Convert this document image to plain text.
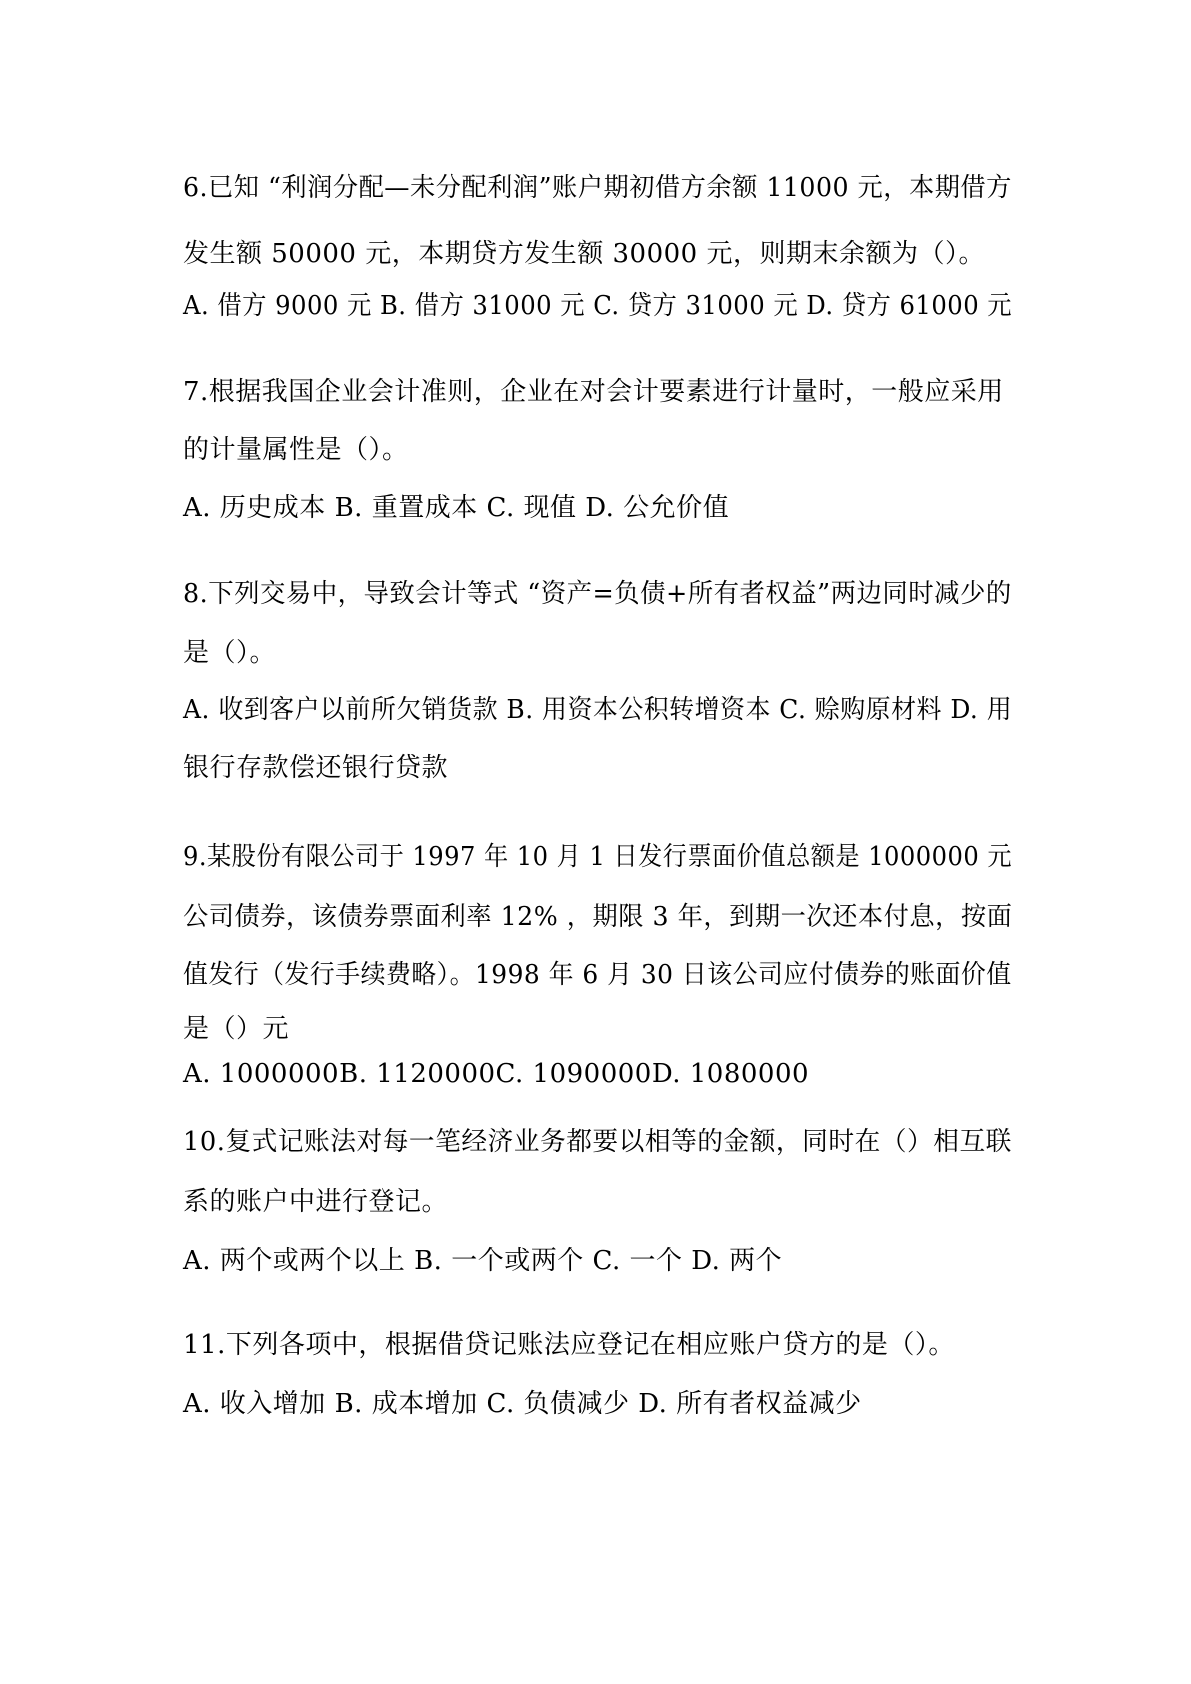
6.已知 “利润分配—未分配利润”账户期初借方余额 11000 元，本期借方
发生额 50000 元，本期贷方发生额 30000 元，则期末余额为（）。
A. 借方 9000 元 B. 借方 31000 元 C. 贷方 31000 元 D. 贷方 61000 元
7.根据我国企业会计准则，企业在对会计要素进行计量时，一般应采用
的计量属性是（）。
A. 历史成本 B. 重置成本 C. 现值 D. 公允价值
8.下列交易中，导致会计等式 “资产=负债+所有者权益”两边同时减少的
是（）。
A. 收到客户以前所欠销货款 B. 用资本公积转增资本 C. 赊购原材料 D. 用
银行存款偿还银行贷款
9.某股份有限公司于 1997 年 10 月 1 日发行票面价值总额是 1000000 元
公司债券，该债券票面利率 12% ，期限 3 年，到期一次还本付息，按面
值发行（发行手续费略）。1998 年 6 月 30 日该公司应付债券的账面价值
是（）元
A. 1000000B. 1120000C. 1090000D. 1080000
10.复式记账法对每一笔经济业务都要以相等的金额，同时在（）相互联
系的账户中进行登记。
A. 两个或两个以上 B. 一个或两个 C. 一个 D. 两个
11.下列各项中，根据借贷记账法应登记在相应账户贷方的是（）。
A. 收入增加 B. 成本增加 C. 负债减少 D. 所有者权益减少
